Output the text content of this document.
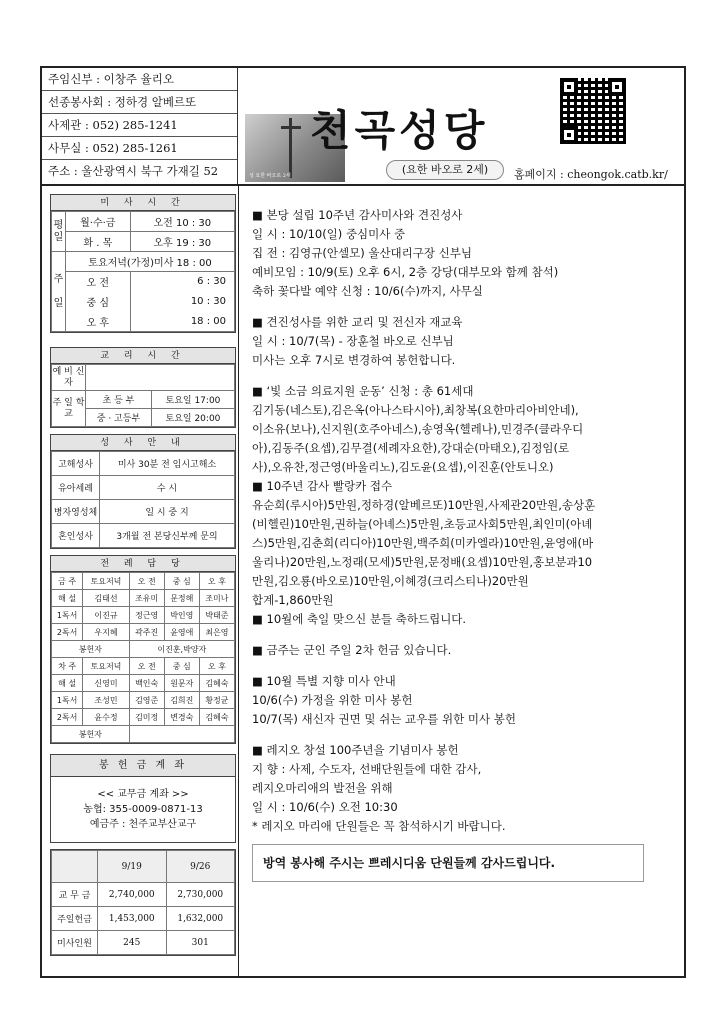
주임신부 : 이창주 율리오
선종봉사회 : 정하경 알베르또
사제관 : 052) 285-1241
사무실 : 052) 285-1261
주소 : 울산광역시 북구 가재길 52	성 요한 바오로 2세
천곡성당
(요한 바오로 2세)	홈페이지 : cheongok.catb.kr/
미 사 시 간
평
일	월·수·금	오전 10 : 30
	화 . 목	오후 19 : 30
주

일	토요저녁(가정)미사 18 : 00	
	오 전	6 : 30
	중 심	10 : 30
	오 후	18 : 00
교 리 시 간
예 비 신 자		
주 일 학 교	초 등 부	토요일 17:00
	중 · 고등부	토요일 20:00
성 사 안 내
고해성사	미사 30분 전 임시고해소
유아세례	수 시
병자영성체	일 시 중 지
혼인성사	3개월 전 본당신부께 문의
전 례 담 당
금 주	토요저녁	오 전	중 심	오 후
해 설	김태선	조유미	문정해	조미나
1독서	이진규	정근영	박인영	박태준
2독서	우지혜	곽주진	윤영애	최은영
봉헌자		이진훈,박양자		
차 주	토요저녁	오 전	중 심	오 후
해 설	신영미	백인숙	원문자	김혜숙
1독서	조성민	김영준	김희진	황정균
2독서	윤수정	김미정	변경숙	김혜숙
봉헌자				
봉 헌 금 계 좌
<< 교무금 계좌 >>
농협: 355-0009-0871-13
예금주 : 천주교부산교구
	9/19	9/26
교 무 금	2,740,000	2,730,000
주일헌금	1,453,000	1,632,000
미사인원	245	301

■ 본당 설립 10주년 감사미사와 견진성사

일 시 : 10/10(일) 중심미사 중

집 전 : 김영규(안셀모) 울산대리구장 신부님

예비모임 : 10/9(토) 오후 6시, 2층 강당(대부모와 함께 참석)

축하 꽃다발 예약 신청 : 10/6(수)까지, 사무실

■ 견진성사를 위한 교리 및 전신자 재교육

일 시 : 10/7(목) - 장훈철 바오로 신부님

미사는 오후 7시로 변경하여 봉헌합니다.

■ ‘빛 소금 의료지원 운동’ 신청 : 총 61세대

김기동(네스토),김은옥(아나스타시아),최창복(요한마리아비안네),

이소유(보나),신지원(호주아네스),송영옥(헬레나),민경주(클라우디

아),김동주(요셉),김무결(세례자요한),강대순(마태오),김정임(로

사),오유찬,정근영(바울리노),김도윤(요셉),이진훈(안토니오)

■ 10주년 감사 빨랑카 접수

유순희(루시아)5만원,정하경(알베르또)10만원,사제관20만원,송상훈

(비헬린)10만원,권하늘(아녜스)5만원,초등교사회5만원,최인미(아녜

스)5만원,김춘희(리디아)10만원,백주희(미카엘라)10만원,윤영애(바

울리나)20만원,노정래(모세)5만원,문정배(요셉)10만원,홍보분과10

만원,김오룡(바오로)10만원,이혜경(크리스티나)20만원

합계-1,860만원

■ 10월에 축일 맞으신 분들 축하드립니다.

■ 금주는 군인 주일 2차 헌금 있습니다.

■ 10월 특별 지향 미사 안내

10/6(수) 가정을 위한 미사 봉헌

10/7(목) 새신자 권면 및 쉬는 교우를 위한 미사 봉헌

■ 레지오 창설 100주년을 기념미사 봉헌

지 향 : 사제, 수도자, 선배단원들에 대한 감사,

레지오마리애의 발전을 위해

일 시 : 10/6(수) 오전 10:30

* 레지오 마리애 단원들은 꼭 참석하시기 바랍니다.

방역 봉사해 주시는 쁘레시디움 단원들께 감사드립니다.
